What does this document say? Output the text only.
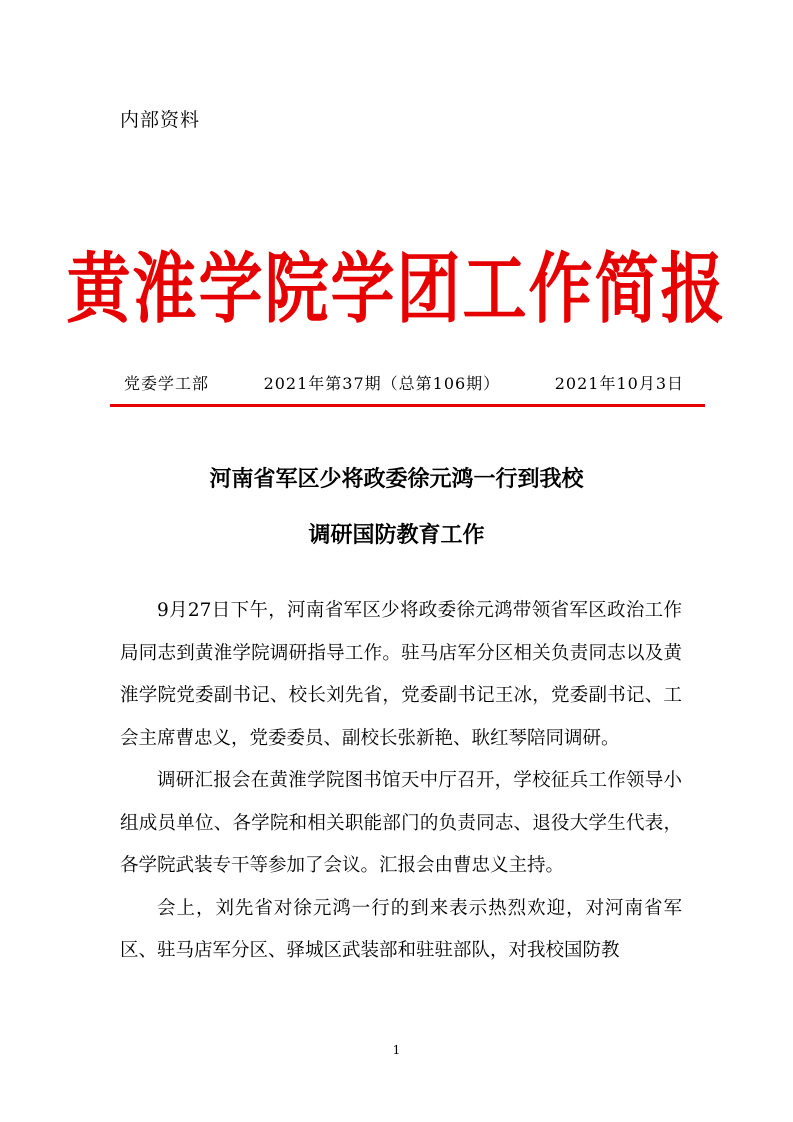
内部资料
黄淮学院学团工作简报
党委学工部	2021年第37期（总第106期）	2021年10月3日
河南省军区少将政委徐元鸿一行到我校
调研国防教育工作

9月27日下午，河南省军区少将政委徐元鸿带领省军区政治工作局同志到黄淮学院调研指导工作。驻马店军分区相关负责同志以及黄淮学院党委副书记、校长刘先省，党委副书记王冰，党委副书记、工会主席曹忠义，党委委员、副校长张新艳、耿红琴陪同调研。

调研汇报会在黄淮学院图书馆天中厅召开，学校征兵工作领导小组成员单位、各学院和相关职能部门的负责同志、退役大学生代表，各学院武装专干等参加了会议。汇报会由曹忠义主持。

会上，刘先省对徐元鸿一行的到来表示热烈欢迎，对河南省军区、驻马店军分区、驿城区武装部和驻驻部队，对我校国防教

1
